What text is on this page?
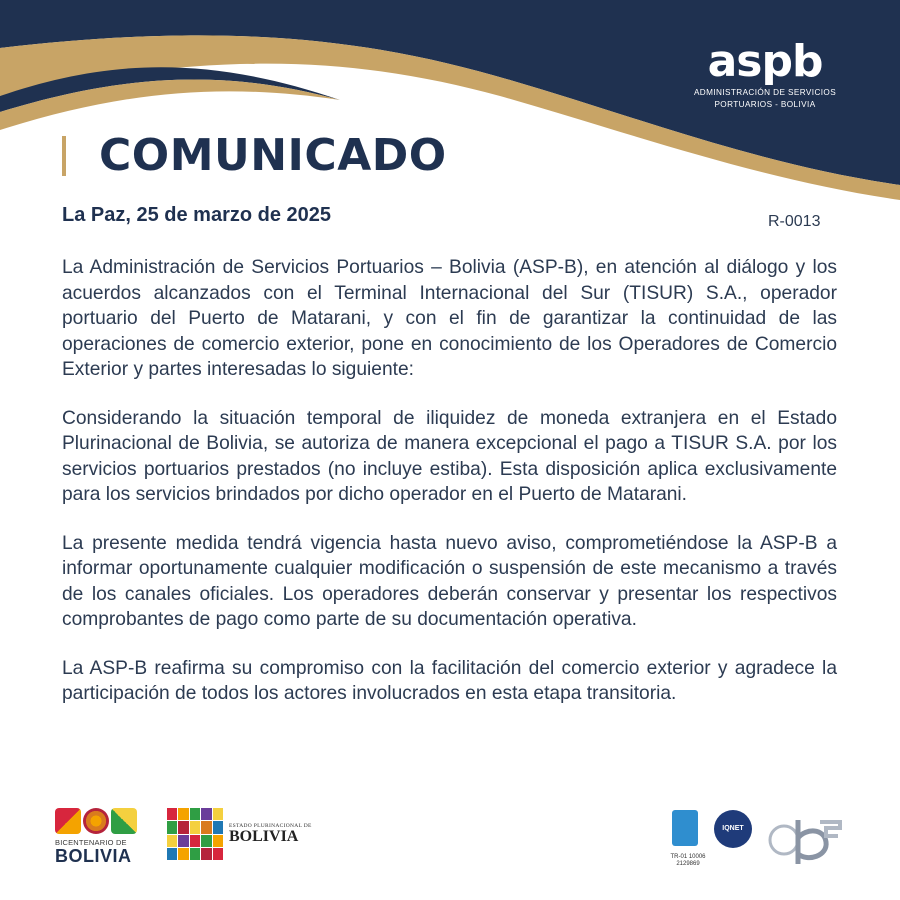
aspb
ADMINISTRACIÓN DE SERVICIOS
PORTUARIOS - BOLIVIA
COMUNICADO
La Paz, 25 de marzo de 2025	R-0013

La Administración de Servicios Portuarios – Bolivia (ASP-B), en atención al diálogo y los acuerdos alcanzados con el Terminal Internacional del Sur (TISUR) S.A., operador portuario del Puerto de Matarani, y con el fin de garantizar la continuidad de las operaciones de comercio exterior, pone en conocimiento de los Operadores de Comercio Exterior y partes interesadas lo siguiente:

Considerando la situación temporal de iliquidez de moneda extranjera en el Estado Plurinacional de Bolivia, se autoriza de manera excepcional el pago a TISUR S.A. por los servicios portuarios prestados (no incluye estiba). Esta disposición aplica exclusivamente para los servicios brindados por dicho operador en el Puerto de Matarani.

La presente medida tendrá vigencia hasta nuevo aviso, comprometiéndose la ASP-B a informar oportunamente cualquier modificación o suspensión de este mecanismo a través de los canales oficiales. Los operadores deberán conservar y presentar los respectivos comprobantes de pago como parte de su documentación operativa.

La ASP-B reafirma su compromiso con la facilitación del comercio exterior y agradece la participación de todos los actores involucrados en esta etapa transitoria.

BICENTENARIO DE
BOLIVIA
ESTADO PLURINACIONAL DE
BOLIVIA
TR-01 10006
2129869
IQNET
